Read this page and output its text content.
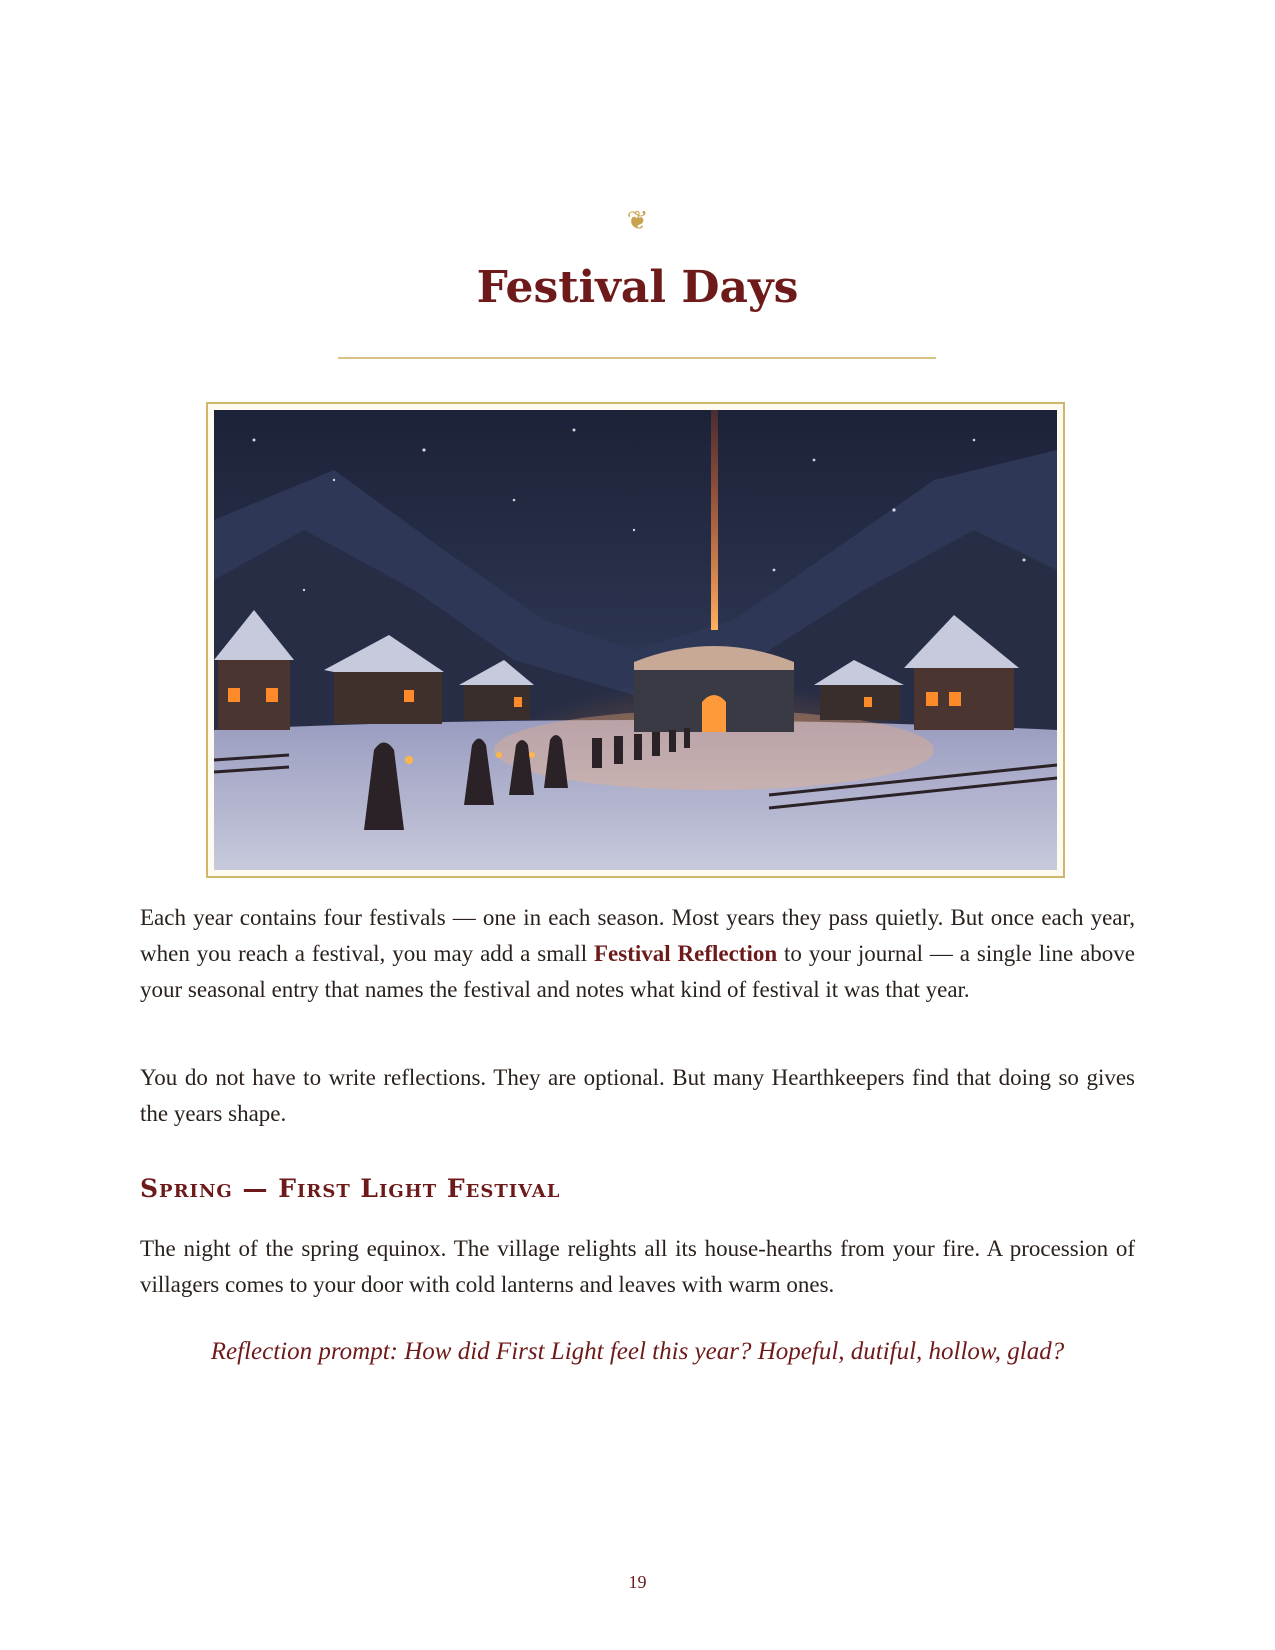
❦
Festival Days

Each year contains four festivals — one in each season. Most years they pass quietly. But once each year, when you reach a festival, you may add a small Festival Reflection to your journal — a single line above your seasonal entry that names the festival and notes what kind of festival it was that year.

You do not have to write reflections. They are optional. But many Hearthkeepers find that doing so gives the years shape.

Spring — First Light Festival

The night of the spring equinox. The village relights all its house-hearths from your fire. A procession of villagers comes to your door with cold lanterns and leaves with warm ones.

Reflection prompt: How did First Light feel this year? Hopeful, dutiful, hollow, glad?

19
